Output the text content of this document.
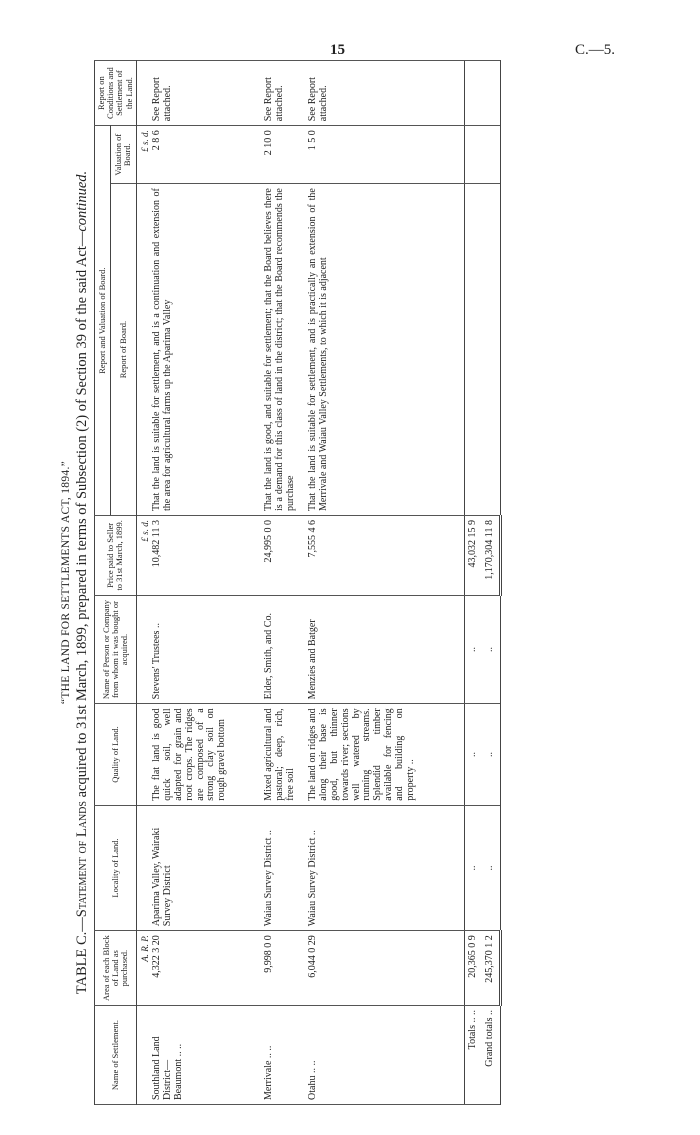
15	C.—5.
“THE LAND FOR SETTLEMENTS ACT, 1894.”
TABLE C.—Statement of Lands acquired to 31st March, 1899, prepared in terms of Subsection (2) of Section 39 of the said Act—continued.
Name of Settlement.	Area of each Block of Land as purchased.	Locality of Land.	Quality of Land.	Name of Person or Company from whom it was bought or acquired.	Price paid to Seller to 31st March, 1899.	Report and Valuation of Board.		Report on Conditions and Settlement of the Land.
						Report of Board.	Valuation of Board.	
	A. R. P.				£ s. d.		£ s. d.	
Southland Land District—
Beaumont .. ..	4,322 3 20	Aparima Valley, Wairaki Survey District	The flat land is good quick soil, well adapted for grain and root crops. The ridges are composed of a strong clay soil on rough gravel bottom	Stevens' Trustees ..	10,482 11 3	That the land is suitable for settlement, and is a continuation and extension of the area for agricultural farms up the Aparima Valley	2 8 6	See Report attached.
Merrivale .. ..	9,998 0 0	Waiau Survey District ..	Mixed agricultural and pastoral; deep, rich, free soil	Elder, Smith, and Co.	24,995 0 0	That the land is good, and suitable for settlement; that the Board believes there is a demand for this class of land in the district; that the Board recommends the purchase	2 10 0	See Report attached.
Otahu .. ..	6,044 0 29	Waiau Survey District ..	The land on ridges and along their base is good, but thinner towards river; sections well watered by running streams. Splendid timber available for fencing and building on property ..	Menzies and Batger	7,555 4 6	That the land is suitable for settlement, and is practically an extension of the Merrivale and Waiau Valley Settlements, to which it is adjacent	1 5 0	See Report attached.
Totals .. ..	20,365 0 9	..	..	..	43,032 15 9			
Grand totals ..	245,370 1 2	..	..	..	1,170,304 11 8			
